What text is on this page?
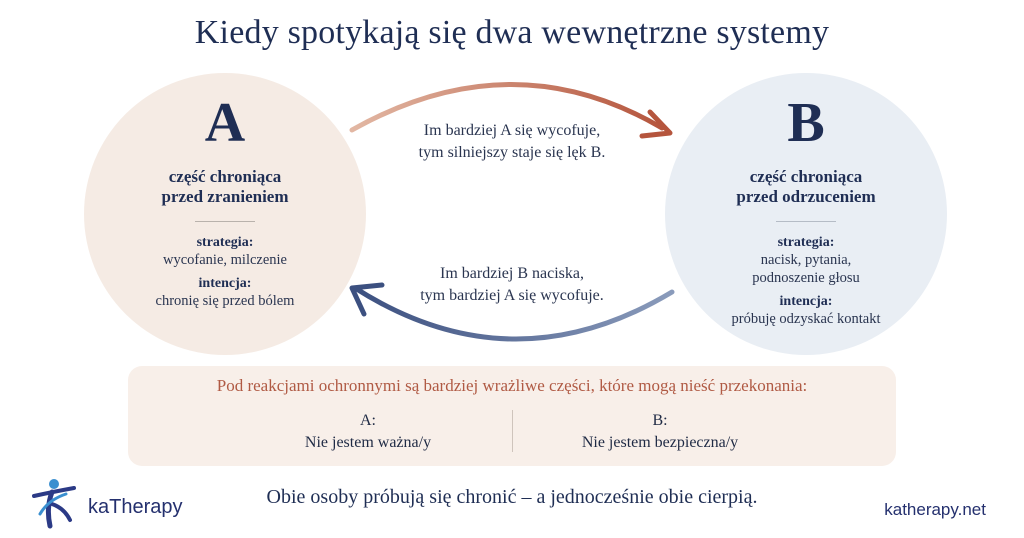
Kiedy spotykają się dwa wewnętrzne systemy
A
część chroniąca
przed zranieniem
strategia:
wycofanie, milczenie
intencja:
chronię się przed bólem
B
część chroniąca
przed odrzuceniem
strategia:
nacisk, pytania,
podnoszenie głosu
intencja:
próbuję odzyskać kontakt
Im bardziej A się wycofuje,
tym silniejszy staje się lęk B.
Im bardziej B naciska,
tym bardziej A się wycofuje.
Pod reakcjami ochronnymi są bardziej wrażliwe części, które mogą nieść przekonania:
A:
Nie jestem ważna/y
B:
Nie jestem bezpieczna/y
Obie osoby próbują się chronić – a jednocześnie obie cierpią.
kaTherapy	katherapy.net
